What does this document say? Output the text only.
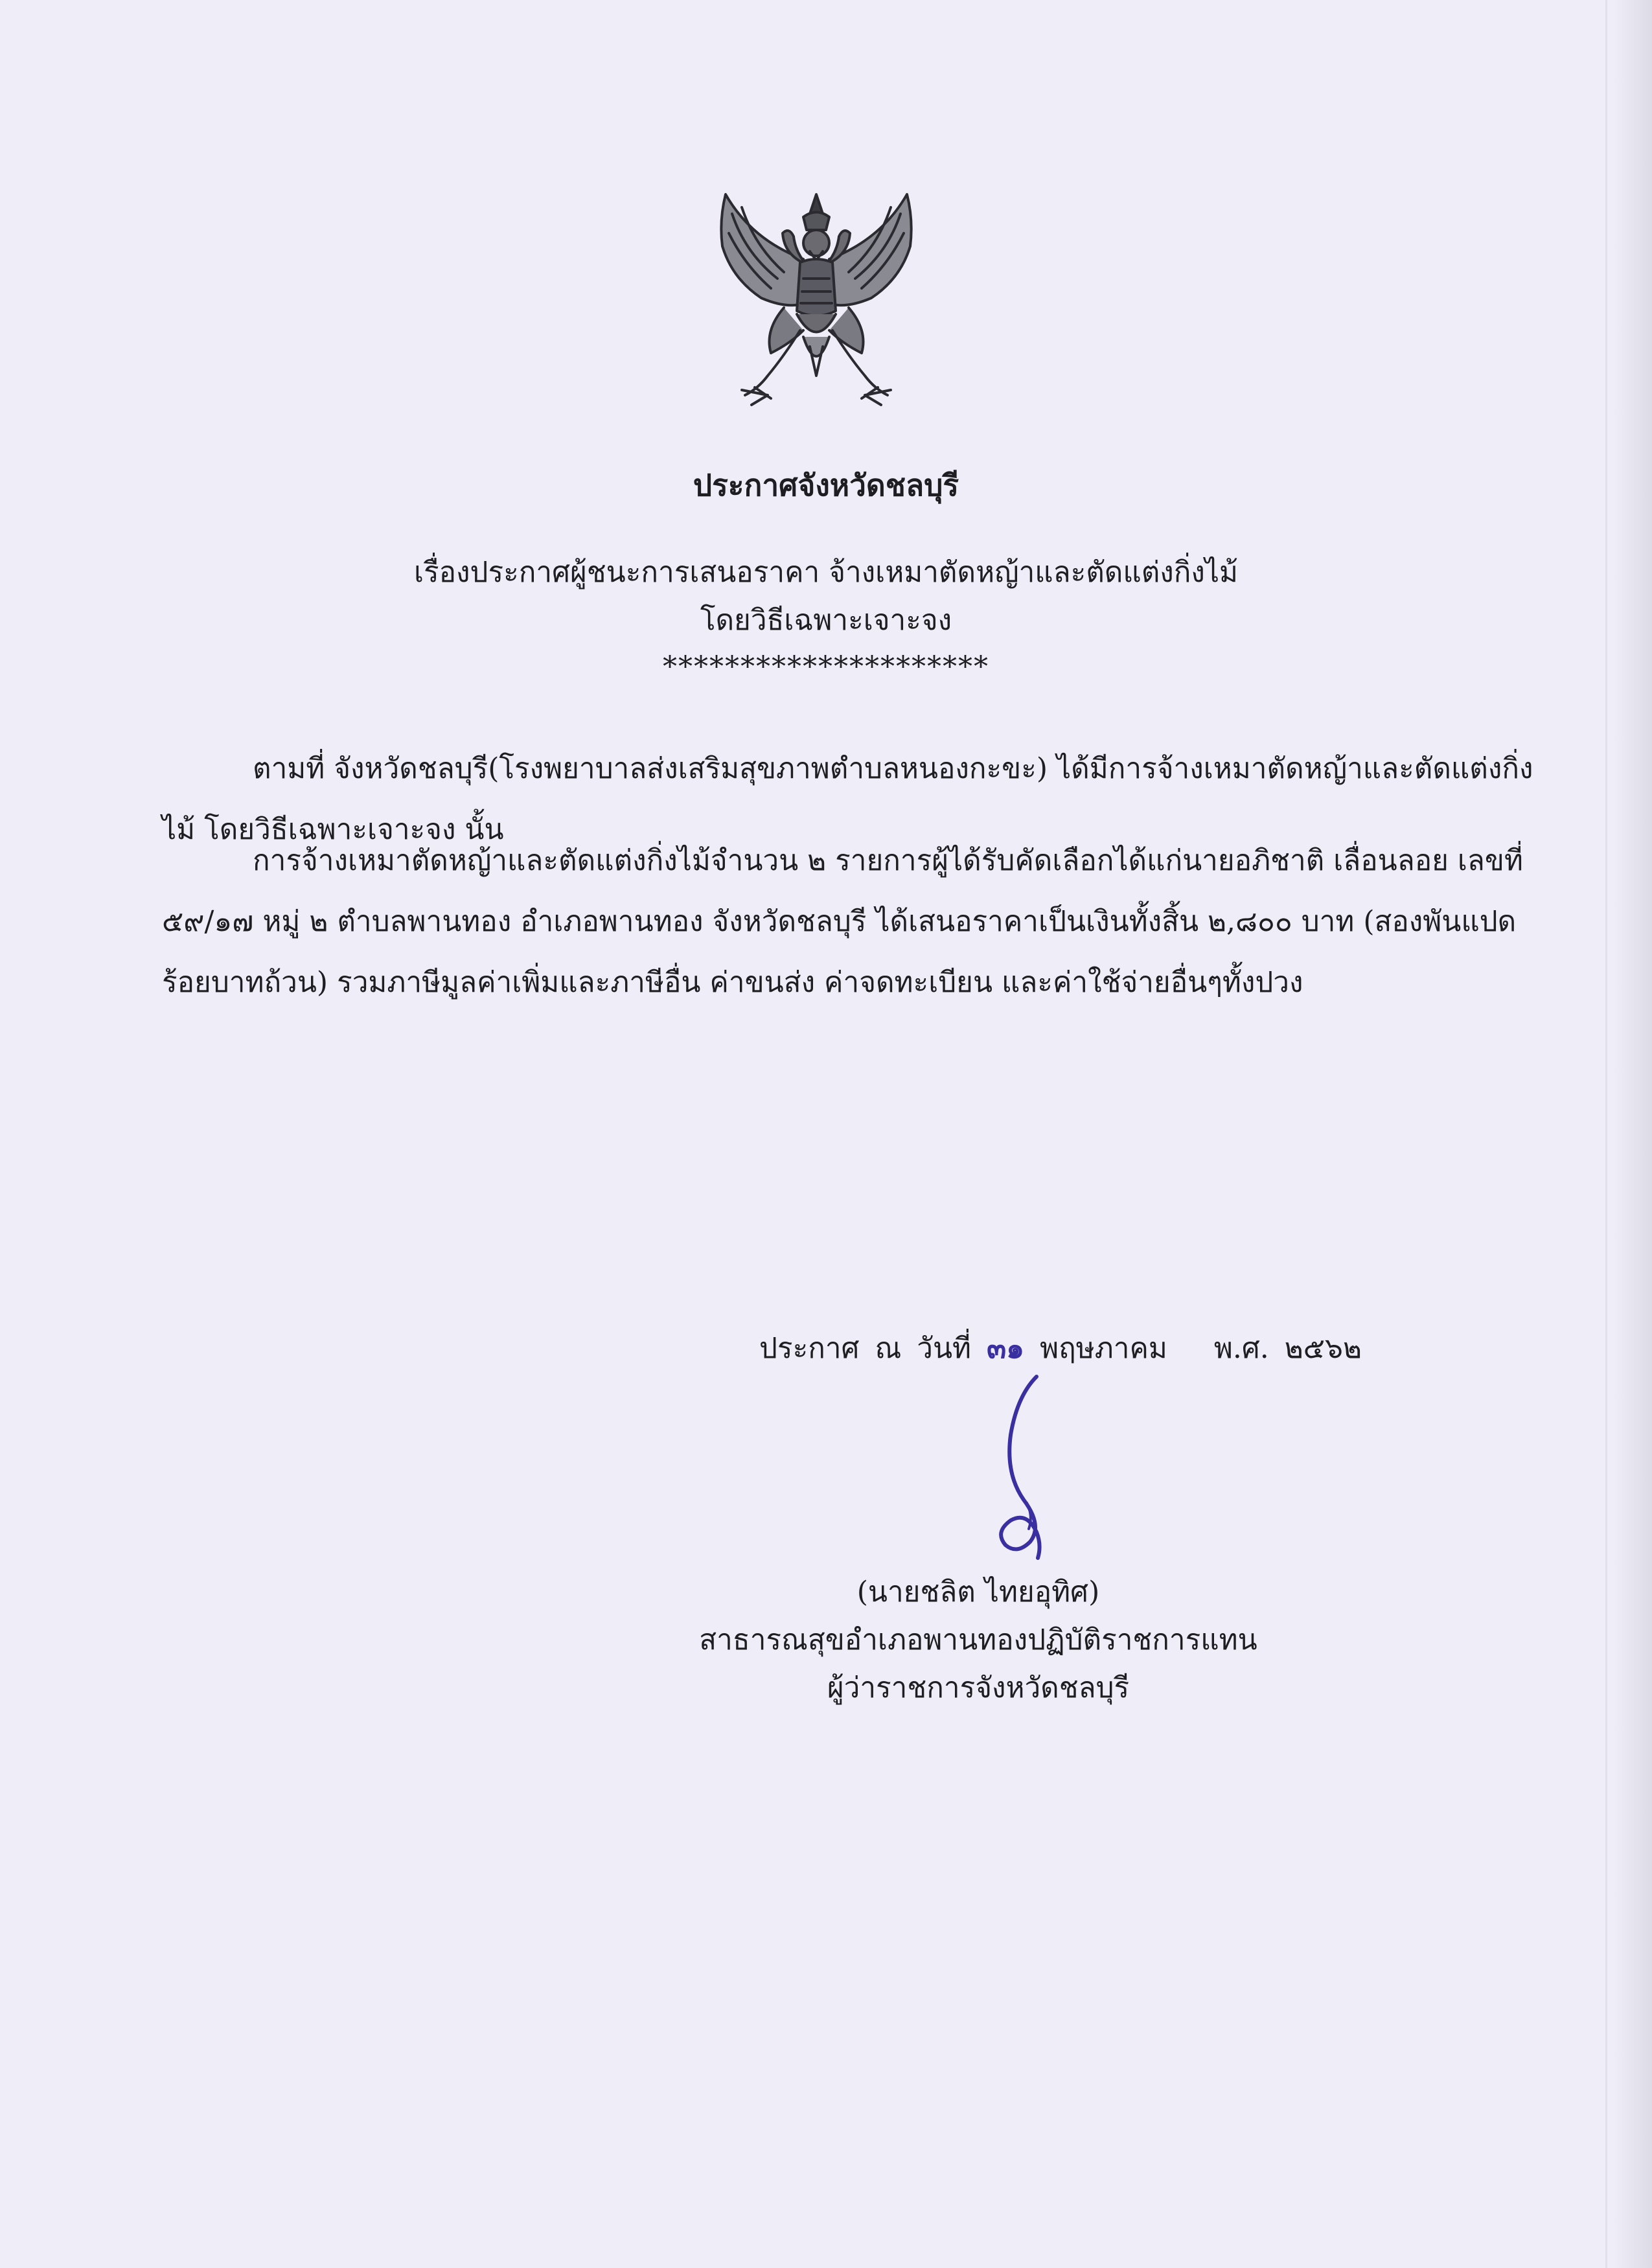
ประกาศจังหวัดชลบุรี
เรื่องประกาศผู้ชนะการเสนอราคา จ้างเหมาตัดหญ้าและตัดแต่งกิ่งไม้
โดยวิธีเฉพาะเจาะจง
*********************
ตามที่ จังหวัดชลบุรี(โรงพยาบาลส่งเสริมสุขภาพตำบลหนองกะขะ) ได้มีการจ้างเหมาตัดหญ้าและตัดแต่งกิ่ง
ไม้ โดยวิธีเฉพาะเจาะจง นั้น
การจ้างเหมาตัดหญ้าและตัดแต่งกิ่งไม้จำนวน ๒ รายการผู้ได้รับคัดเลือกได้แก่นายอภิชาติ เลื่อนลอย เลขที่
๕๙/๑๗ หมู่ ๒ ตำบลพานทอง อำเภอพานทอง จังหวัดชลบุรี ได้เสนอราคาเป็นเงินทั้งสิ้น ๒,๘๐๐ บาท (สองพันแปด
ร้อยบาทถ้วน) รวมภาษีมูลค่าเพิ่มและภาษีอื่น ค่าขนส่ง ค่าจดทะเบียน และค่าใช้จ่ายอื่นๆทั้งปวง
ประกาศ ณ วันที่ ๓๑ พฤษภาคม พ.ศ. ๒๕๖๒
(นายชลิต ไทยอุทิศ)
สาธารณสุขอำเภอพานทองปฏิบัติราชการแทน
ผู้ว่าราชการจังหวัดชลบุรี
